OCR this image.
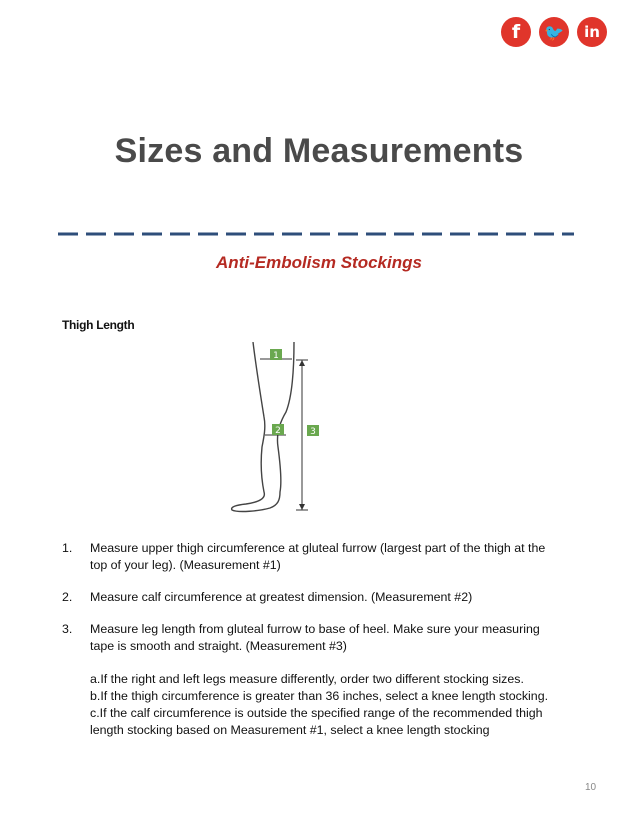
f 🐦 in
Sizes and Measurements
Anti-Embolism Stockings
Thigh Length
1
2	3
1. Measure upper thigh circumference at gluteal furrow (largest part of the thigh at the top of your leg). (Measurement #1)
2. Measure calf circumference at greatest dimension. (Measurement #2)
3. Measure leg length from gluteal furrow to base of heel. Make sure your measuring tape is smooth and straight. (Measurement #3)

a.If the right and left legs measure differently, order two different stocking sizes.

b.If the thigh circumference is greater than 36 inches, select a knee length stocking.

c.If the calf circumference is outside the specified range of the recommended thigh length stocking based on Measurement #1, select a knee length stocking

10
